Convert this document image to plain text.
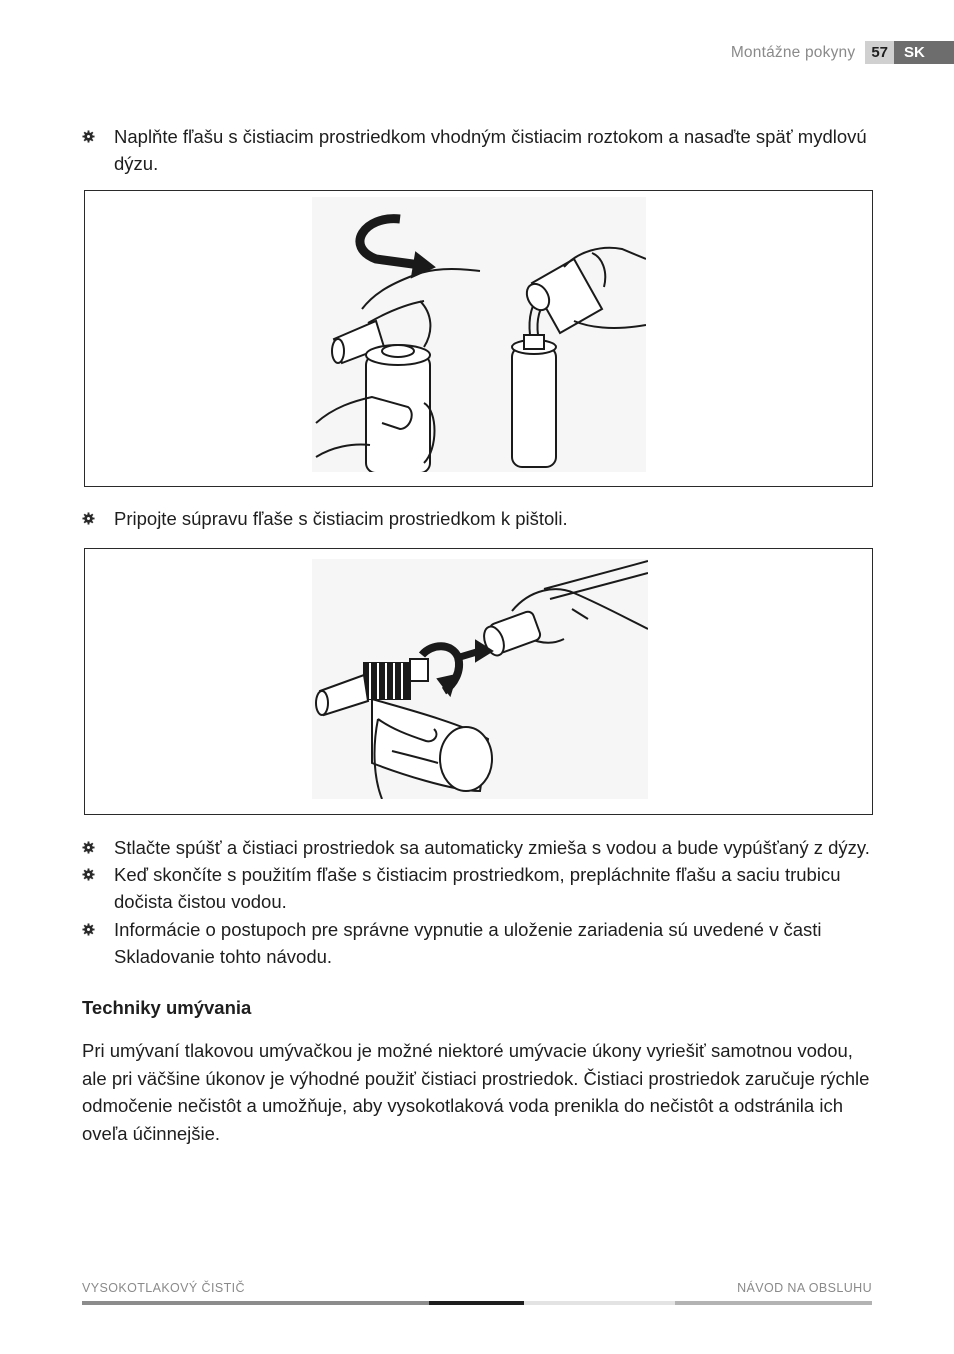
Montážne pokyny	57	SK
Naplňte fľašu s čistiacim prostriedkom vhodným čistiacim roztokom a nasaďte späť mydlovú dýzu.
Pripojte súpravu fľaše s čistiacim prostriedkom k pištoli.
Stlačte spúšť a čistiaci prostriedok sa automaticky zmieša s vodou a bude vypúšťaný z dýzy.
Keď skončíte s použitím fľaše s čistiacim prostriedkom, prepláchnite fľašu a saciu trubicu dočista čistou vodou.
Informácie o postupoch pre správne vypnutie a uloženie zariadenia sú uvedené v časti Skladovanie tohto návodu.
Techniky umývania

Pri umývaní tlakovou umývačkou je možné niektoré umývacie úkony vyriešiť samotnou vodou, ale pri väčšine úkonov je výhodné použiť čistiaci prostriedok. Čistiaci prostriedok zaručuje rýchle odmočenie nečistôt a umožňuje, aby vysokotlaková voda prenikla do nečistôt a odstránila ich oveľa účinnejšie.

VYSOKOTLAKOVÝ ČISTIČ	NÁVOD NA OBSLUHU
